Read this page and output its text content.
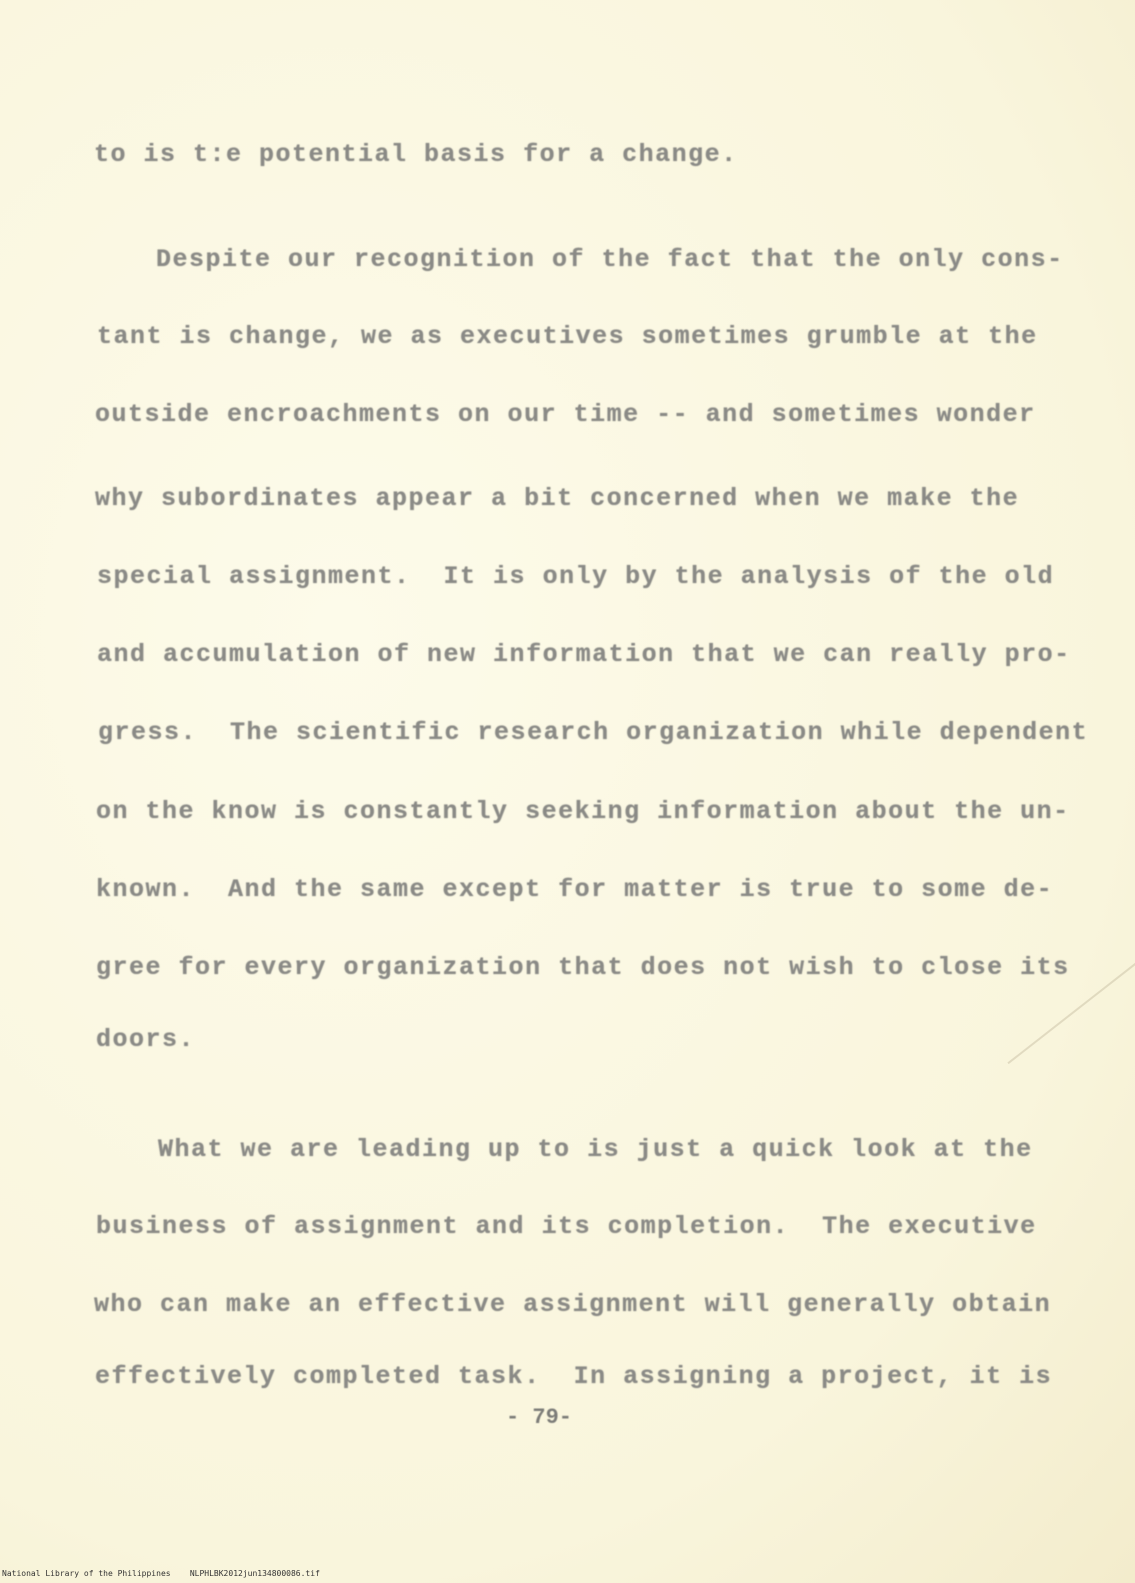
to is t:e potential basis for a change.

Despite our recognition of the fact that the only cons-

tant is change, we as executives sometimes grumble at the

outside encroachments on our time -- and sometimes wonder

why subordinates appear a bit concerned when we make the

special assignment.  It is only by the analysis of the old

and accumulation of new information that we can really pro-

gress.  The scientific research organization while dependent

on the know is constantly seeking information about the un-

known.  And the same except for matter is true to some de-

gree for every organization that does not wish to close its

doors.

What we are leading up to is just a quick look at the

business of assignment and its completion.  The executive

who can make an effective assignment will generally obtain

effectively completed task.  In assigning a project, it is

- 79-
National Library of the Philippines    NLPHLBK2012jun134800086.tif
